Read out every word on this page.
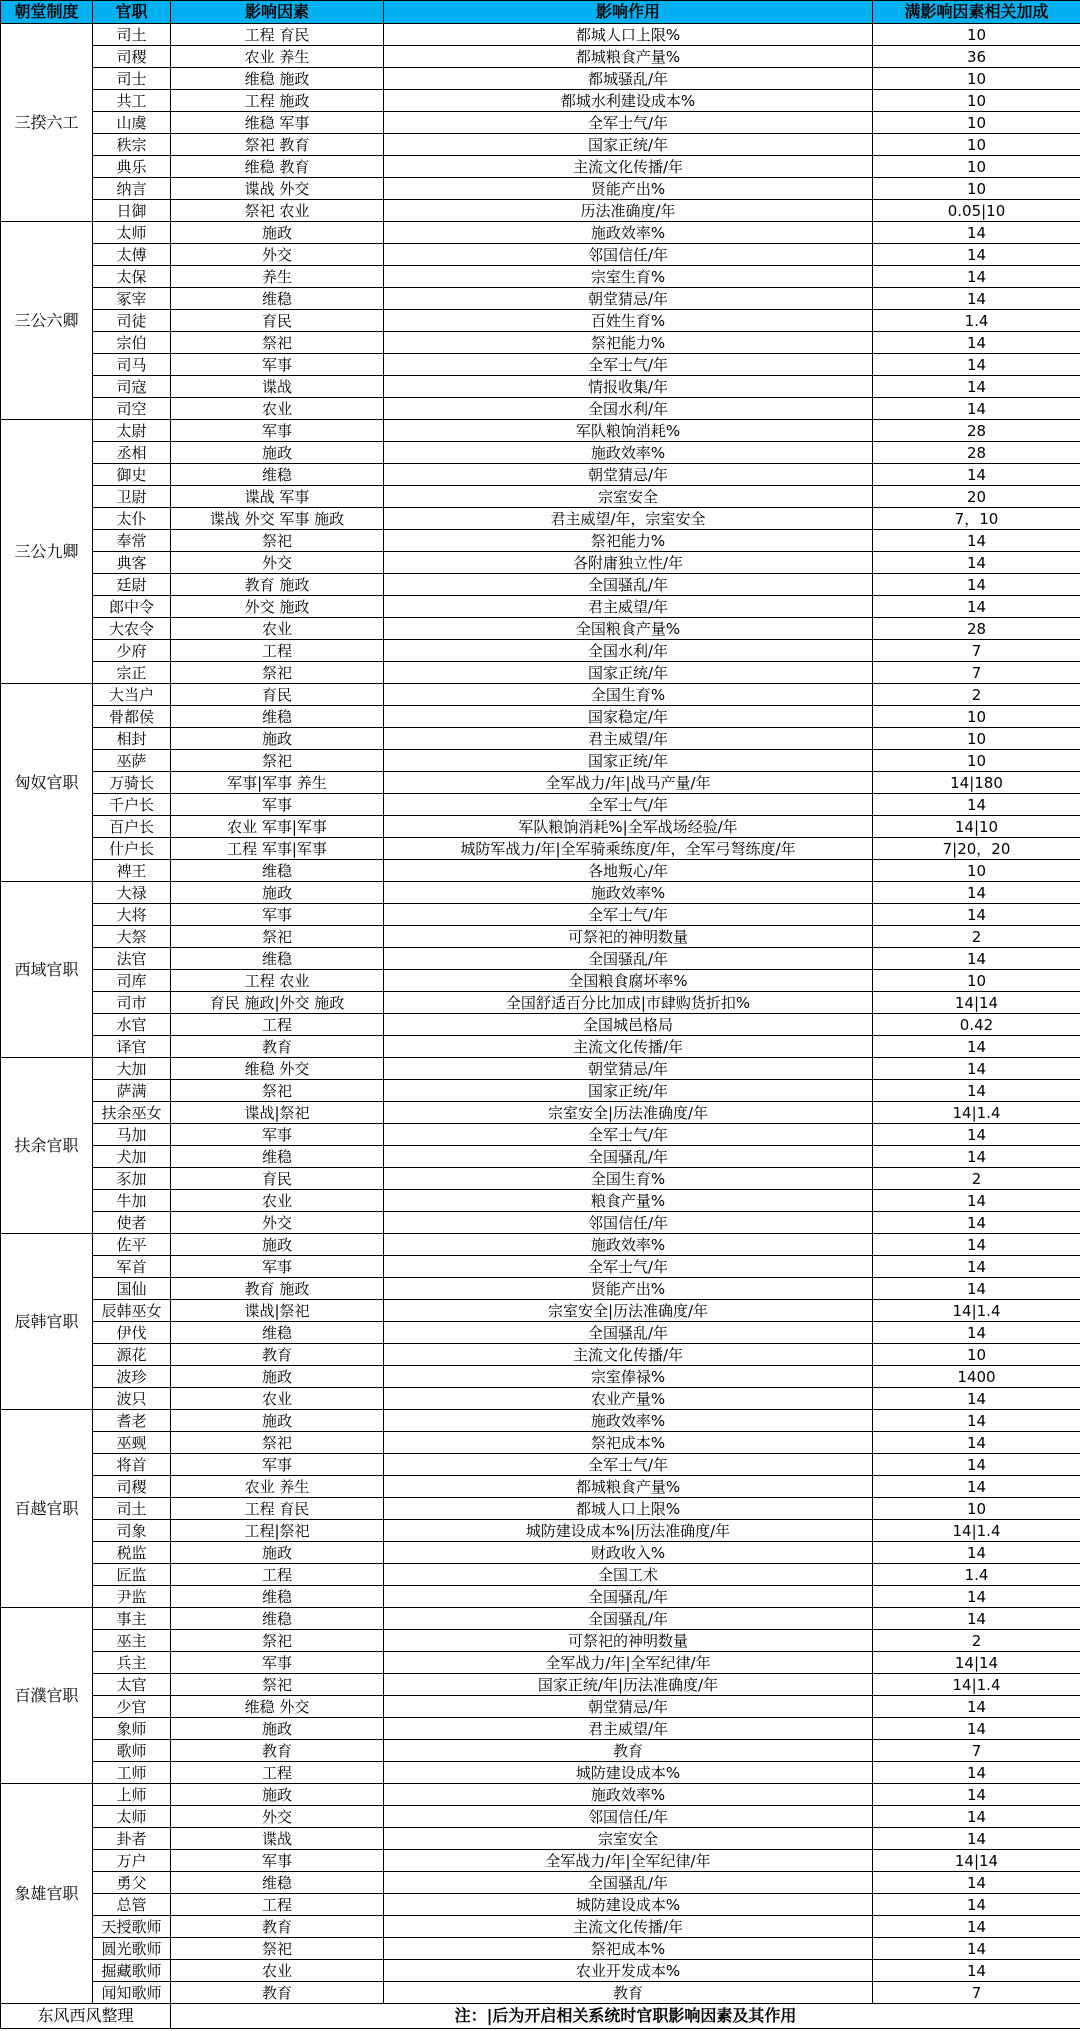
朝堂制度	官职	影响因素	影响作用	满影响因素相关加成
三揆六工	司土	工程 育民	都城人口上限%	10
	司稷	农业 养生	都城粮食产量%	36
	司士	维稳 施政	都城骚乱/年	10
	共工	工程 施政	都城水利建设成本%	10
	山虞	维稳 军事	全军士气/年	10
	秩宗	祭祀 教育	国家正统/年	10
	典乐	维稳 教育	主流文化传播/年	10
	纳言	谍战 外交	贤能产出%	10
	日御	祭祀 农业	历法准确度/年	0.05|10
三公六卿	太师	施政	施政效率%	14
	太傅	外交	邻国信任/年	14
	太保	养生	宗室生育%	14
	冢宰	维稳	朝堂猜忌/年	14
	司徒	育民	百姓生育%	1.4
	宗伯	祭祀	祭祀能力%	14
	司马	军事	全军士气/年	14
	司寇	谍战	情报收集/年	14
	司空	农业	全国水利/年	14
三公九卿	太尉	军事	军队粮饷消耗%	28
	丞相	施政	施政效率%	28
	御史	维稳	朝堂猜忌/年	14
	卫尉	谍战 军事	宗室安全	20
	太仆	谍战 外交 军事 施政	君主威望/年，宗室安全	7，10
	奉常	祭祀	祭祀能力%	14
	典客	外交	各附庸独立性/年	14
	廷尉	教育 施政	全国骚乱/年	14
	郎中令	外交 施政	君主威望/年	14
	大农令	农业	全国粮食产量%	28
	少府	工程	全国水利/年	7
	宗正	祭祀	国家正统/年	7
匈奴官职	大当户	育民	全国生育%	2
	骨都侯	维稳	国家稳定/年	10
	相封	施政	君主威望/年	10
	巫萨	祭祀	国家正统/年	10
	万骑长	军事|军事 养生	全军战力/年|战马产量/年	14|180
	千户长	军事	全军士气/年	14
	百户长	农业 军事|军事	军队粮饷消耗%|全军战场经验/年	14|10
	什户长	工程 军事|军事	城防军战力/年|全军骑乘练度/年，全军弓弩练度/年	7|20，20
	裨王	维稳	各地叛心/年	10
西域官职	大禄	施政	施政效率%	14
	大将	军事	全军士气/年	14
	大祭	祭祀	可祭祀的神明数量	2
	法官	维稳	全国骚乱/年	14
	司库	工程 农业	全国粮食腐坏率%	10
	司市	育民 施政|外交 施政	全国舒适百分比加成|市肆购货折扣%	14|14
	水官	工程	全国城邑格局	0.42
	译官	教育	主流文化传播/年	14
扶余官职	大加	维稳 外交	朝堂猜忌/年	14
	萨满	祭祀	国家正统/年	14
	扶余巫女	谍战|祭祀	宗室安全|历法准确度/年	14|1.4
	马加	军事	全军士气/年	14
	犬加	维稳	全国骚乱/年	14
	豕加	育民	全国生育%	2
	牛加	农业	粮食产量%	14
	使者	外交	邻国信任/年	14
辰韩官职	佐平	施政	施政效率%	14
	军首	军事	全军士气/年	14
	国仙	教育 施政	贤能产出%	14
	辰韩巫女	谍战|祭祀	宗室安全|历法准确度/年	14|1.4
	伊伐	维稳	全国骚乱/年	14
	源花	教育	主流文化传播/年	10
	波珍	施政	宗室俸禄%	1400
	波只	农业	农业产量%	14
百越官职	耆老	施政	施政效率%	14
	巫觋	祭祀	祭祀成本%	14
	将首	军事	全军士气/年	14
	司稷	农业 养生	都城粮食产量%	14
	司土	工程 育民	都城人口上限%	10
	司象	工程|祭祀	城防建设成本%|历法准确度/年	14|1.4
	税监	施政	财政收入%	14
	匠监	工程	全国工术	1.4
	尹监	维稳	全国骚乱/年	14
百濮官职	事主	维稳	全国骚乱/年	14
	巫主	祭祀	可祭祀的神明数量	2
	兵主	军事	全军战力/年|全军纪律/年	14|14
	太官	祭祀	国家正统/年|历法准确度/年	14|1.4
	少官	维稳 外交	朝堂猜忌/年	14
	象师	施政	君主威望/年	14
	歌师	教育	教育	7
	工师	工程	城防建设成本%	14
象雄官职	上师	施政	施政效率%	14
	太师	外交	邻国信任/年	14
	卦者	谍战	宗室安全	14
	万户	军事	全军战力/年|全军纪律/年	14|14
	勇父	维稳	全国骚乱/年	14
	总管	工程	城防建设成本%	14
	天授歌师	教育	主流文化传播/年	14
	圆光歌师	祭祀	祭祀成本%	14
	掘藏歌师	农业	农业开发成本%	14
	闻知歌师	教育	教育	7
东风西风整理		注：|后为开启相关系统时官职影响因素及其作用		
